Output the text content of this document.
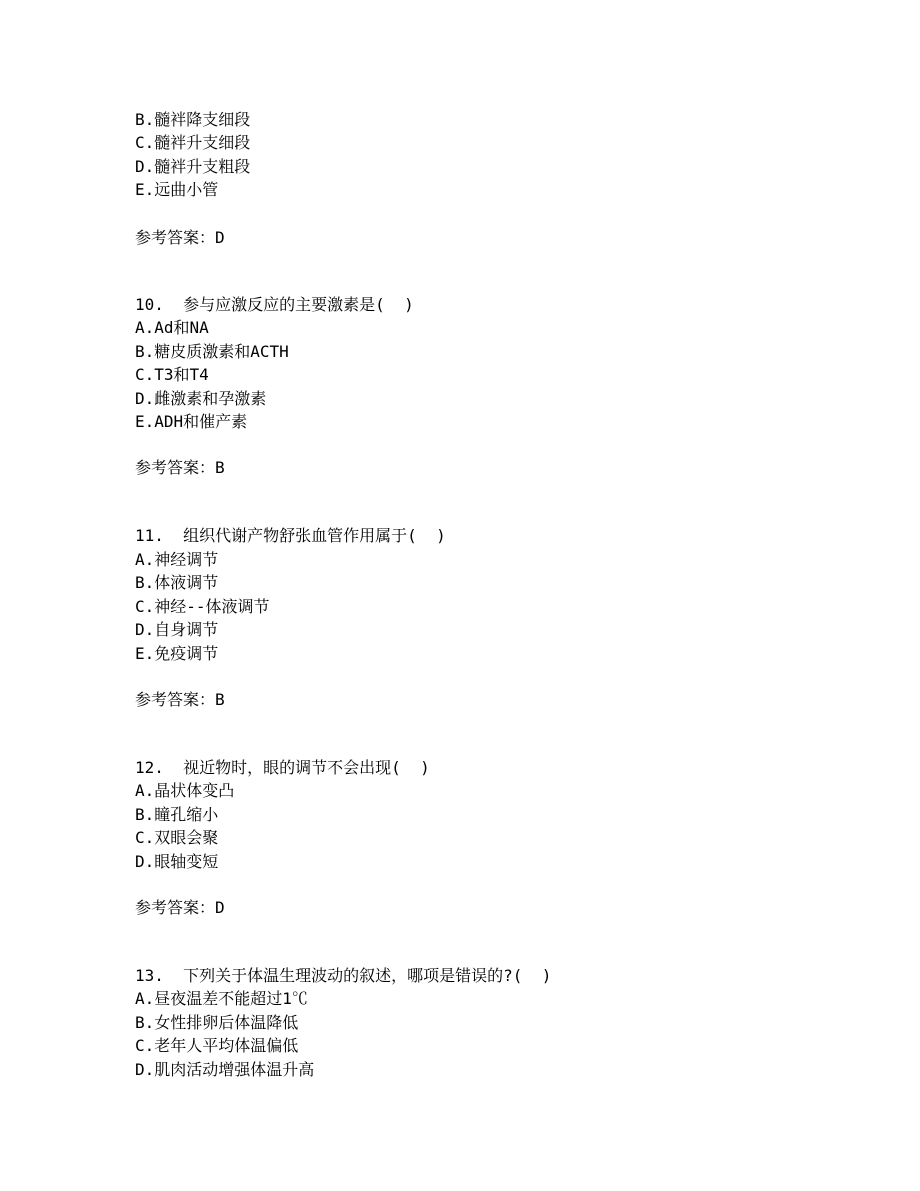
B.髓袢降支细段
C.髓袢升支细段
D.髓袢升支粗段
E.远曲小管
参考答案：D
10.  参与应激反应的主要激素是(  )
A.Ad和NA
B.糖皮质激素和ACTH
C.T3和T4
D.雌激素和孕激素
E.ADH和催产素
参考答案：B
11.  组织代谢产物舒张血管作用属于(  )
A.神经调节
B.体液调节
C.神经--体液调节
D.自身调节
E.免疫调节
参考答案：B
12.  视近物时，眼的调节不会出现(  )
A.晶状体变凸
B.瞳孔缩小
C.双眼会聚
D.眼轴变短
参考答案：D
13.  下列关于体温生理波动的叙述，哪项是错误的?(  )
A.昼夜温差不能超过1℃
B.女性排卵后体温降低
C.老年人平均体温偏低
D.肌肉活动增强体温升高
